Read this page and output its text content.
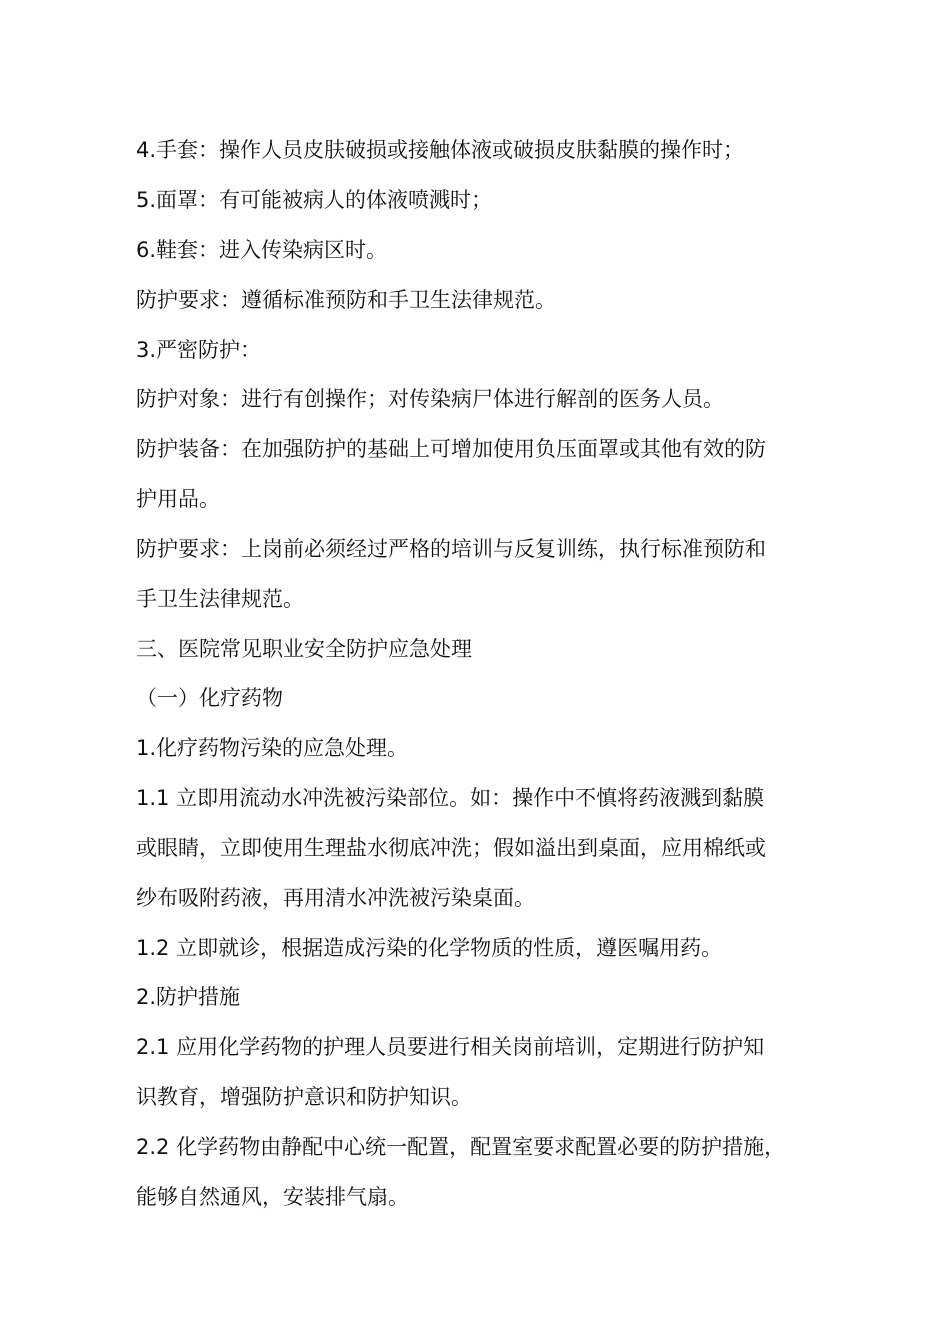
4.手套：操作人员皮肤破损或接触体液或破损皮肤黏膜的操作时；
5.面罩：有可能被病人的体液喷溅时；
6.鞋套：进入传染病区时。
防护要求：遵循标准预防和手卫生法律规范。
3.严密防护：
防护对象：进行有创操作；对传染病尸体进行解剖的医务人员。
防护装备：在加强防护的基础上可增加使用负压面罩或其他有效的防
护用品。
防护要求：上岗前必须经过严格的培训与反复训练，执行标准预防和
手卫生法律规范。
三、医院常见职业安全防护应急处理
（一）化疗药物
1.化疗药物污染的应急处理。
1.1 立即用流动水冲洗被污染部位。如：操作中不慎将药液溅到黏膜
或眼睛，立即使用生理盐水彻底冲洗；假如溢出到桌面，应用棉纸或
纱布吸附药液，再用清水冲洗被污染桌面。
1.2 立即就诊，根据造成污染的化学物质的性质，遵医嘱用药。
2.防护措施
2.1 应用化学药物的护理人员要进行相关岗前培训，定期进行防护知
识教育，增强防护意识和防护知识。
2.2 化学药物由静配中心统一配置，配置室要求配置必要的防护措施，
能够自然通风，安装排气扇。
